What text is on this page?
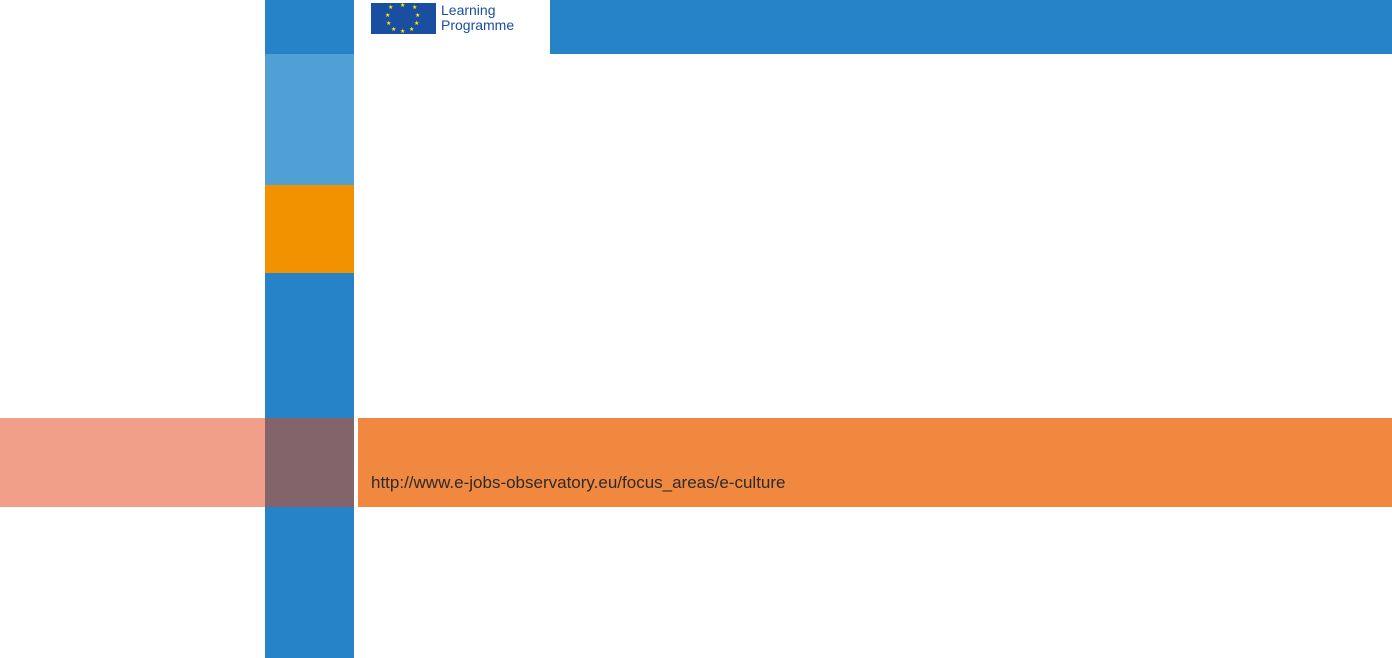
★ ★ ★
★	★
★	★
★ ★ ★
Learning
Programme
http://www.e-jobs-observatory.eu/focus_areas/e-culture
